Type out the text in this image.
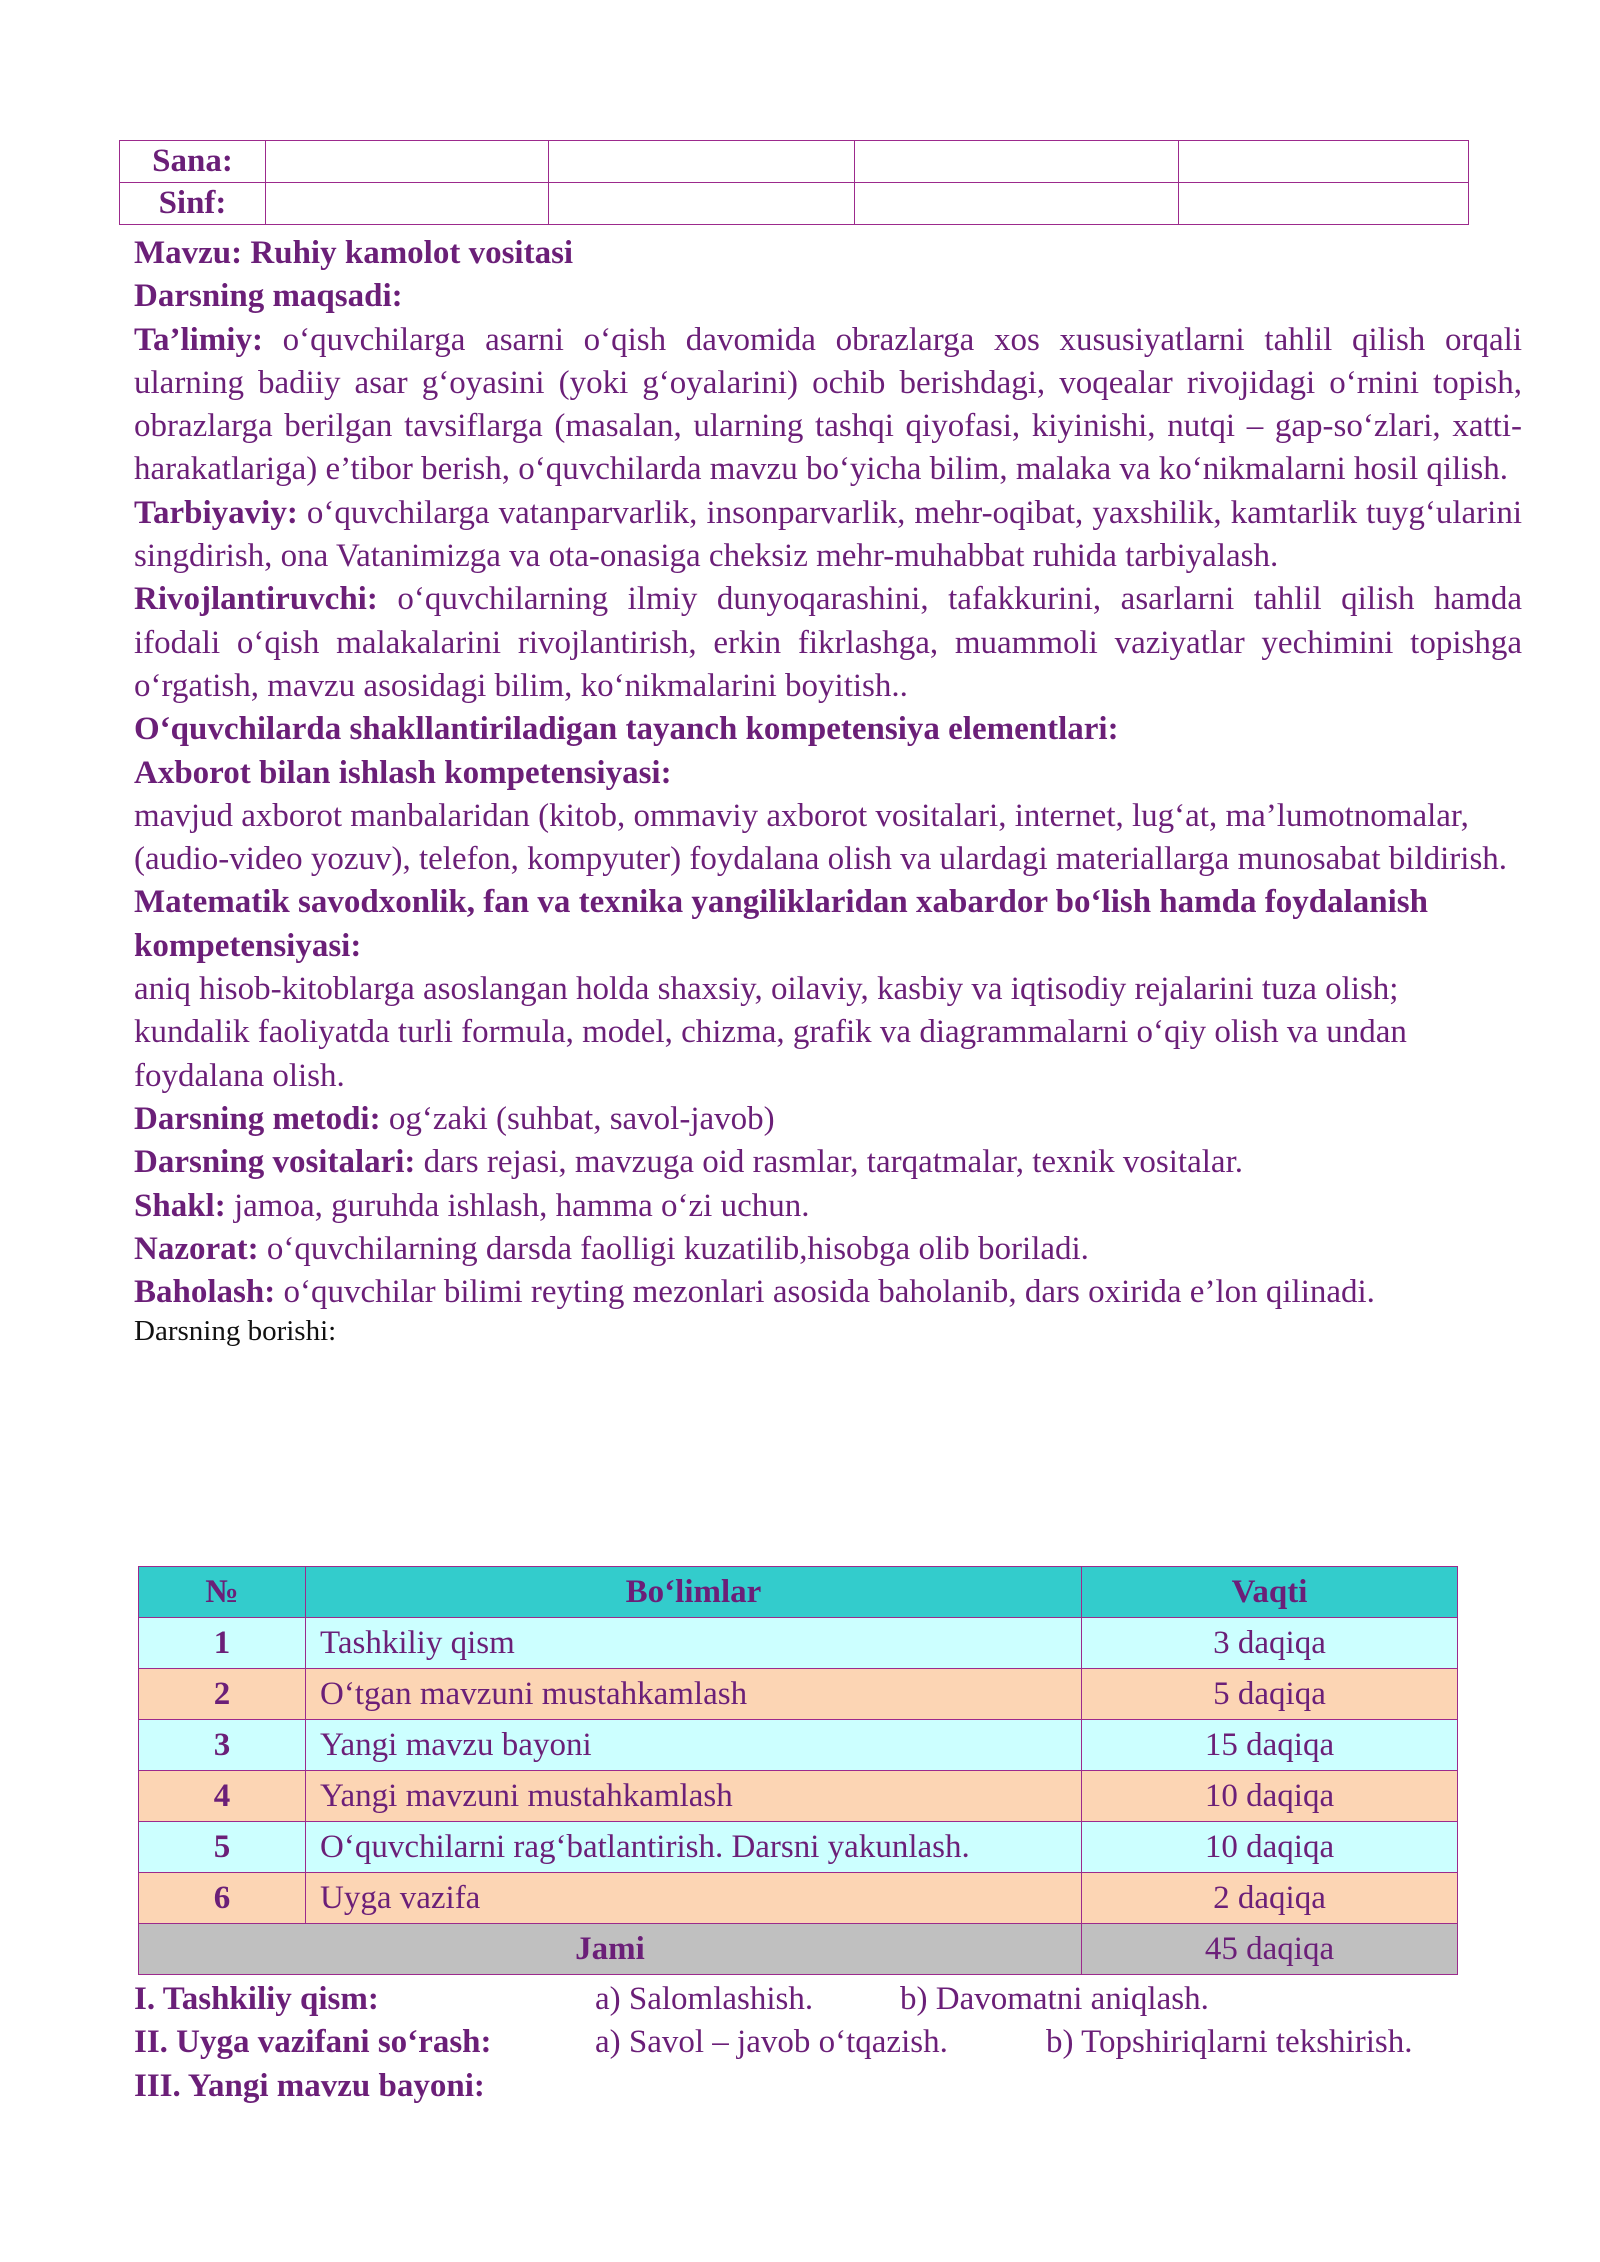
Sana:				
Sinf:				

Mavzu: Ruhiy kamolot vositasi

Darsning maqsadi:

Ta’limiy: o‘quvchilarga asarni o‘qish davomida obrazlarga xos xususiyatlarni tahlil qilish orqali ularning badiiy asar g‘oyasini (yoki g‘oyalarini) ochib berishdagi, voqealar rivojidagi o‘rnini topish, obrazlarga berilgan tavsiflarga (masalan, ularning tashqi qiyofasi, kiyinishi, nutqi – gap-so‘zlari, xatti-harakatlariga) e’tibor berish, o‘quvchilarda mavzu bo‘yicha bilim, malaka va ko‘nikmalarni hosil qilish.

Tarbiyaviy: o‘quvchilarga vatanparvarlik, insonparvarlik, mehr-oqibat, yaxshilik, kamtarlik tuyg‘ularini singdirish, ona Vatanimizga va ota-onasiga cheksiz mehr-muhabbat ruhida tarbiyalash.

Rivojlantiruvchi: o‘quvchilarning ilmiy dunyoqarashini, tafakkurini, asarlarni tahlil qilish hamda ifodali o‘qish malakalarini rivojlantirish, erkin fikrlashga, muammoli vaziyatlar yechimini topishga o‘rgatish, mavzu asosidagi bilim, ko‘nikmalarini boyitish..

O‘quvchilarda shakllantiriladigan tayanch kompetensiya elementlari:

Axborot bilan ishlash kompetensiyasi:

mavjud axborot manbalaridan (kitob, ommaviy axborot vositalari, internet, lug‘at, ma’lumotnomalar, (audio-video yozuv), telefon, kompyuter) foydalana olish va ulardagi materiallarga munosabat bildirish.

Matematik savodxonlik, fan va texnika yangiliklaridan xabardor bo‘lish hamda foydalanish kompetensiyasi:

aniq hisob-kitoblarga asoslangan holda shaxsiy, oilaviy, kasbiy va iqtisodiy rejalarini tuza olish;

kundalik faoliyatda turli formula, model, chizma, grafik va diagrammalarni o‘qiy olish va undan foydalana olish.

Darsning metodi: og‘zaki (suhbat, savol-javob)

Darsning vositalari: dars rejasi, mavzuga oid rasmlar, tarqatmalar, texnik vositalar.

Shakl: jamoa, guruhda ishlash, hamma o‘zi uchun.

Nazorat: o‘quvchilarning darsda faolligi kuzatilib,hisobga olib boriladi.

Baholash: o‘quvchilar bilimi reyting mezonlari asosida baholanib, dars oxirida e’lon qilinadi.

Darsning borishi:

№	Bo‘limlar	Vaqti
1	Tashkiliy qism	3 daqiqa
2	O‘tgan mavzuni mustahkamlash	5 daqiqa
3	Yangi mavzu bayoni	15 daqiqa
4	Yangi mavzuni mustahkamlash	10 daqiqa
5	O‘quvchilarni rag‘batlantirish. Darsni yakunlash.	10 daqiqa
6	Uyga vazifa	2 daqiqa
Jami		45 daqiqa
I. Tashkiliy qism:	a) Salomlashish.	b) Davomatni aniqlash.
II. Uyga vazifani so‘rash:	a) Savol – javob o‘tqazish.	b) Topshiriqlarni tekshirish.
III. Yangi mavzu bayoni:
